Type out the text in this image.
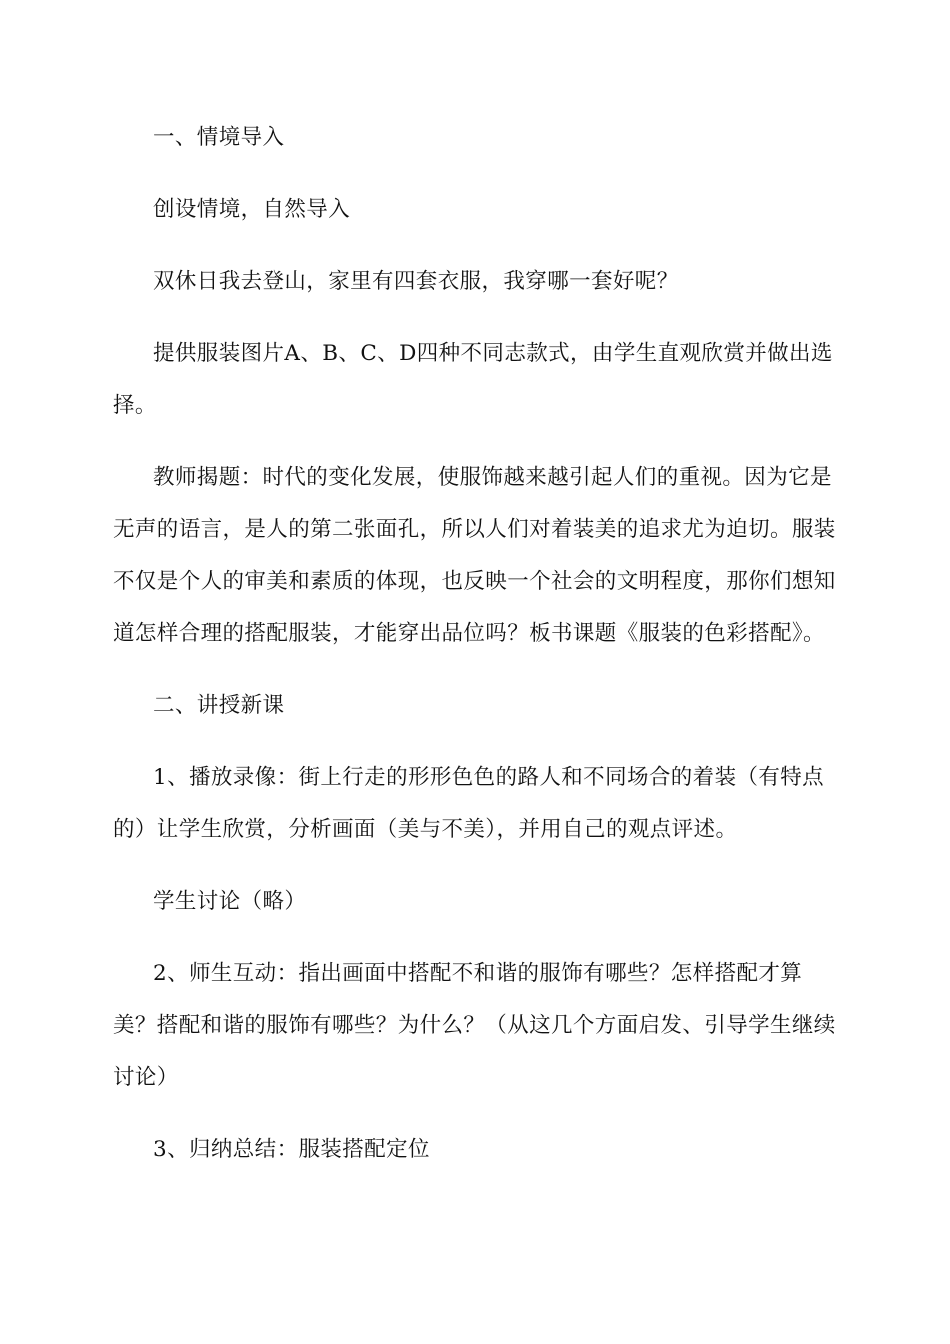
一、情境导入

创设情境，自然导入

双休日我去登山，家里有四套衣服，我穿哪一套好呢？

提供服装图片A、B、C、D四种不同志款式，由学生直观欣赏并做出选择。

教师揭题：时代的变化发展，使服饰越来越引起人们的重视。因为它是无声的语言，是人的第二张面孔，所以人们对着装美的追求尤为迫切。服装不仅是个人的审美和素质的体现，也反映一个社会的文明程度，那你们想知道怎样合理的搭配服装，才能穿出品位吗？板书课题《服装的色彩搭配》。

二、讲授新课

1、播放录像：街上行走的形形色色的路人和不同场合的着装（有特点的）让学生欣赏，分析画面（美与不美），并用自己的观点评述。

学生讨论（略）

2、师生互动：指出画面中搭配不和谐的服饰有哪些？怎样搭配才算美？搭配和谐的服饰有哪些？为什么？（从这几个方面启发、引导学生继续讨论）

3、归纳总结：服装搭配定位
